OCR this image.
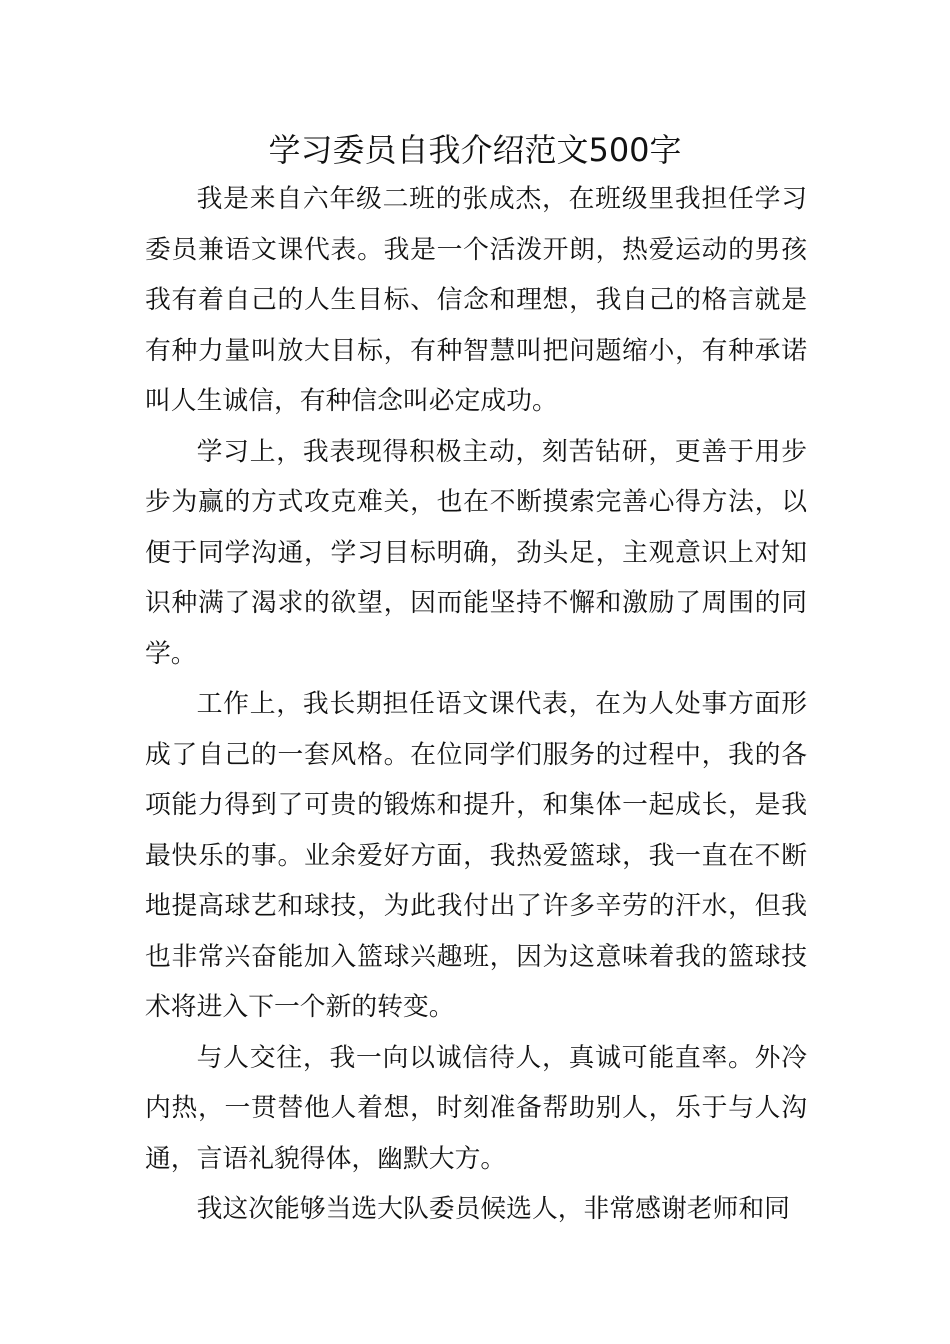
学习委员自我介绍范文500字

我是来自六年级二班的张成杰，在班级里我担任学习委员兼语文课代表。我是一个活泼开朗，热爱运动的男孩我有着自己的人生目标、信念和理想，我自己的格言就是有种力量叫放大目标，有种智慧叫把问题缩小，有种承诺叫人生诚信，有种信念叫必定成功。

学习上，我表现得积极主动，刻苦钻研，更善于用步步为赢的方式攻克难关，也在不断摸索完善心得方法，以便于同学沟通，学习目标明确，劲头足，主观意识上对知识种满了渴求的欲望，因而能坚持不懈和激励了周围的同学。

工作上，我长期担任语文课代表，在为人处事方面形成了自己的一套风格。在位同学们服务的过程中，我的各项能力得到了可贵的锻炼和提升，和集体一起成长，是我最快乐的事。业余爱好方面，我热爱篮球，我一直在不断地提高球艺和球技，为此我付出了许多辛劳的汗水，但我也非常兴奋能加入篮球兴趣班，因为这意味着我的篮球技术将进入下一个新的转变。

与人交往，我一向以诚信待人，真诚可能直率。外冷内热，一贯替他人着想，时刻准备帮助别人，乐于与人沟通，言语礼貌得体，幽默大方。

我这次能够当选大队委员候选人，非常感谢老师和同
